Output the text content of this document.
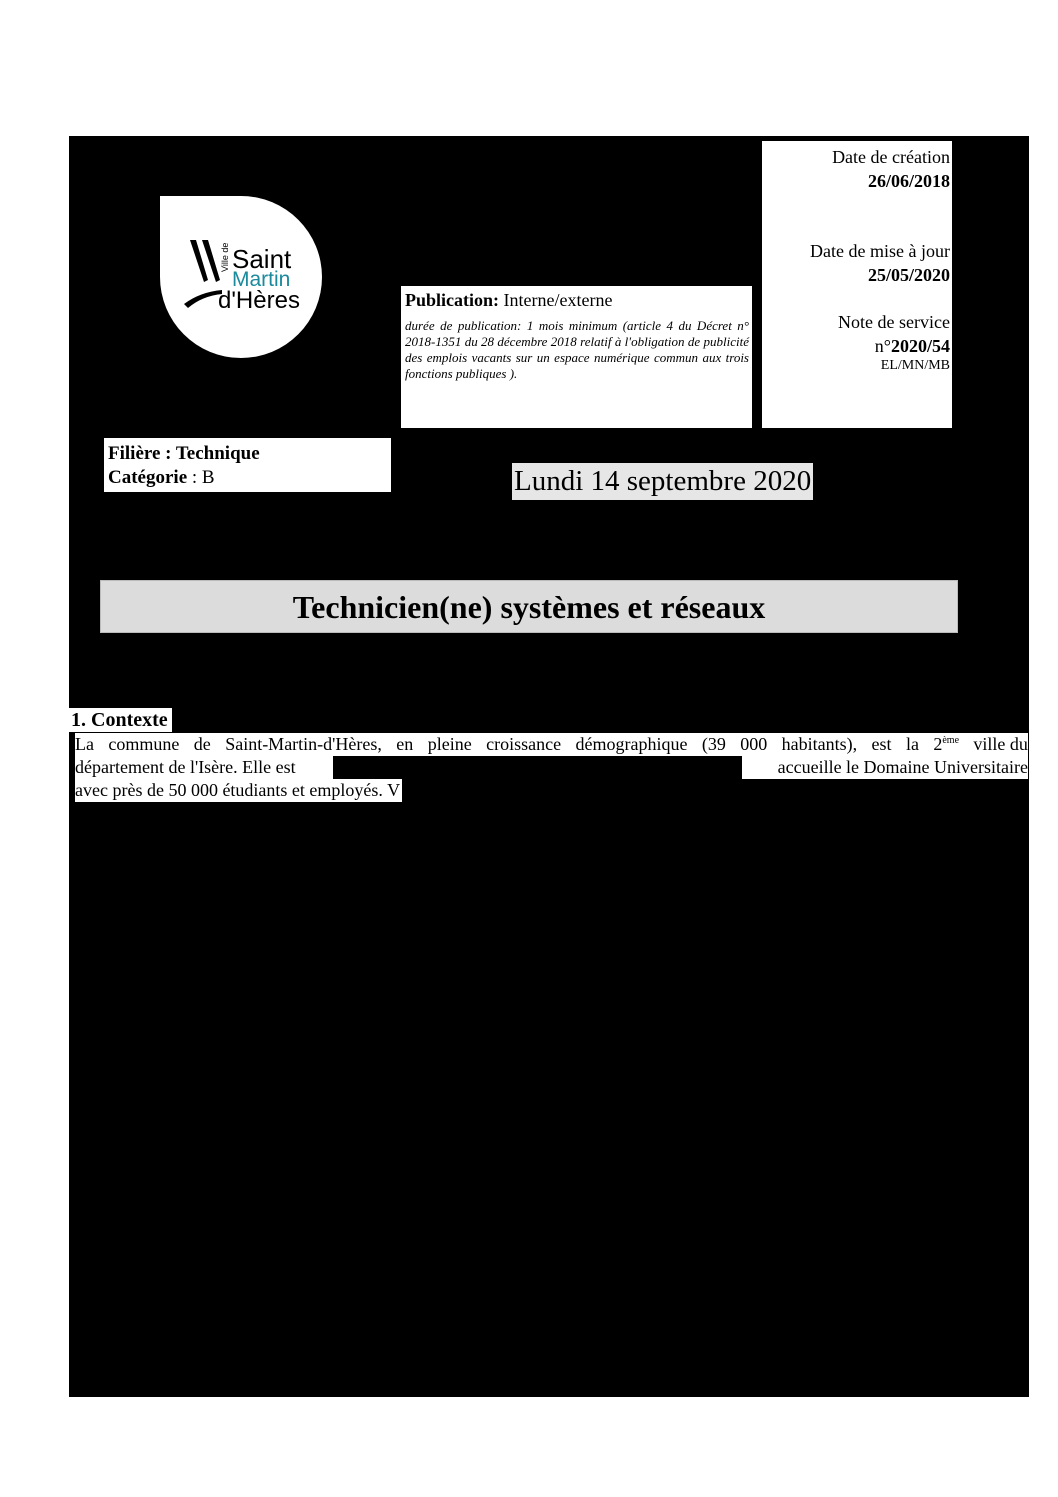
Ville de Saint
Martin
d'Hères
Date de création
26/06/2018
Date de mise à jour
25/05/2020
Note de service
n°2020/54
EL/MN/MB
Publication: Interne/externe
durée de publication: 1 mois minimum (article 4 du Décret n° 2018-1351 du 28 décembre 2018 relatif à l'obligation de publicité des emplois vacants sur un espace numérique commun aux trois fonctions publiques ).
Filière : Technique
Catégorie : B	Lundi 14 septembre 2020
Technicien(ne) systèmes et réseaux
1. Contexte
La commune de Saint-Martin-d'Hères, en pleine croissance démographique (39 000 habitants), est la 2ème ville du
département de l'Isère. Elle est	accueille le Domaine Universitaire
avec près de 50 000 étudiants et employés. V
